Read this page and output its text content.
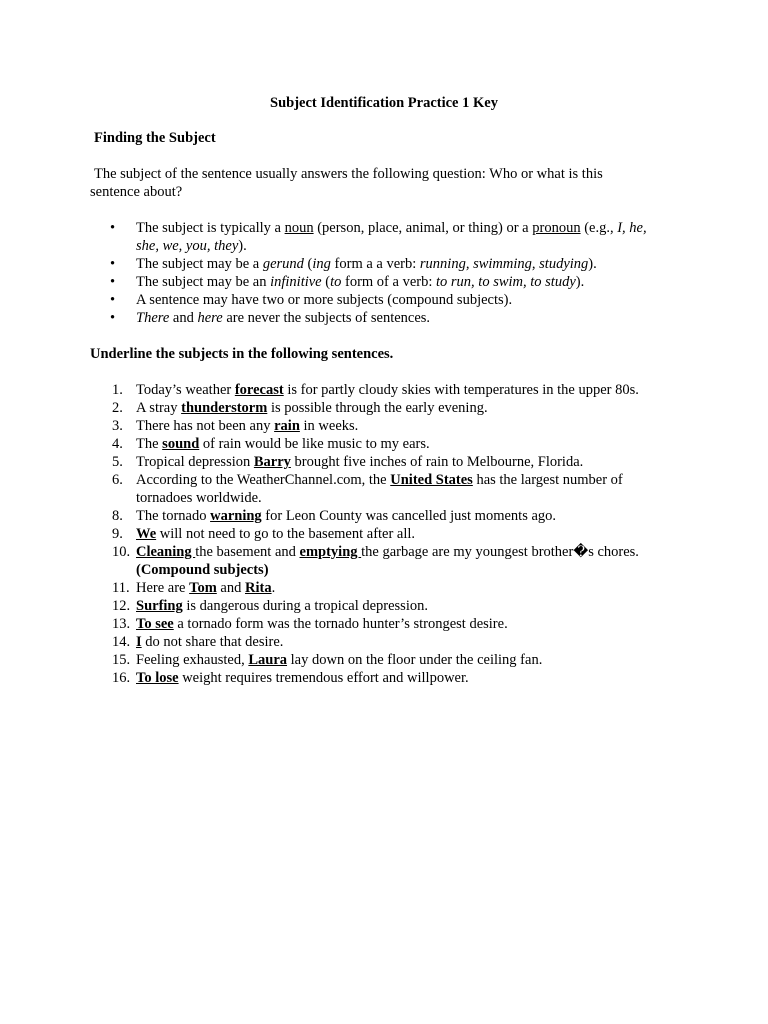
Subject Identification Practice 1 Key
Finding the Subject
The subject of the sentence usually answers the following question: Who or what is this sentence about?
• The subject is typically a noun (person, place, animal, or thing) or a pronoun (e.g., I, he, she, we, you, they).
• The subject may be a gerund (ing form a a verb: running, swimming, studying).
• The subject may be an infinitive (to form of a verb: to run, to swim, to study).
• A sentence may have two or more subjects (compound subjects).
• There and here are never the subjects of sentences.
Underline the subjects in the following sentences.
1. Today’s weather forecast is for partly cloudy skies with temperatures in the upper 80s.
2. A stray thunderstorm is possible through the early evening.
3. There has not been any rain in weeks.
4. The sound of rain would be like music to my ears.
5. Tropical depression Barry brought five inches of rain to Melbourne, Florida.
6. According to the WeatherChannel.com, the United States has the largest number of tornadoes worldwide.
8. The tornado warning for Leon County was cancelled just moments ago.
9. We will not need to go to the basement after all.
10. Cleaning the basement and emptying the garbage are my youngest brother�s chores. (Compound subjects)
11. Here are Tom and Rita.
12. Surfing is dangerous during a tropical depression.
13. To see a tornado form was the tornado hunter’s strongest desire.
14. I do not share that desire.
15. Feeling exhausted, Laura lay down on the floor under the ceiling fan.
16. To lose weight requires tremendous effort and willpower.
